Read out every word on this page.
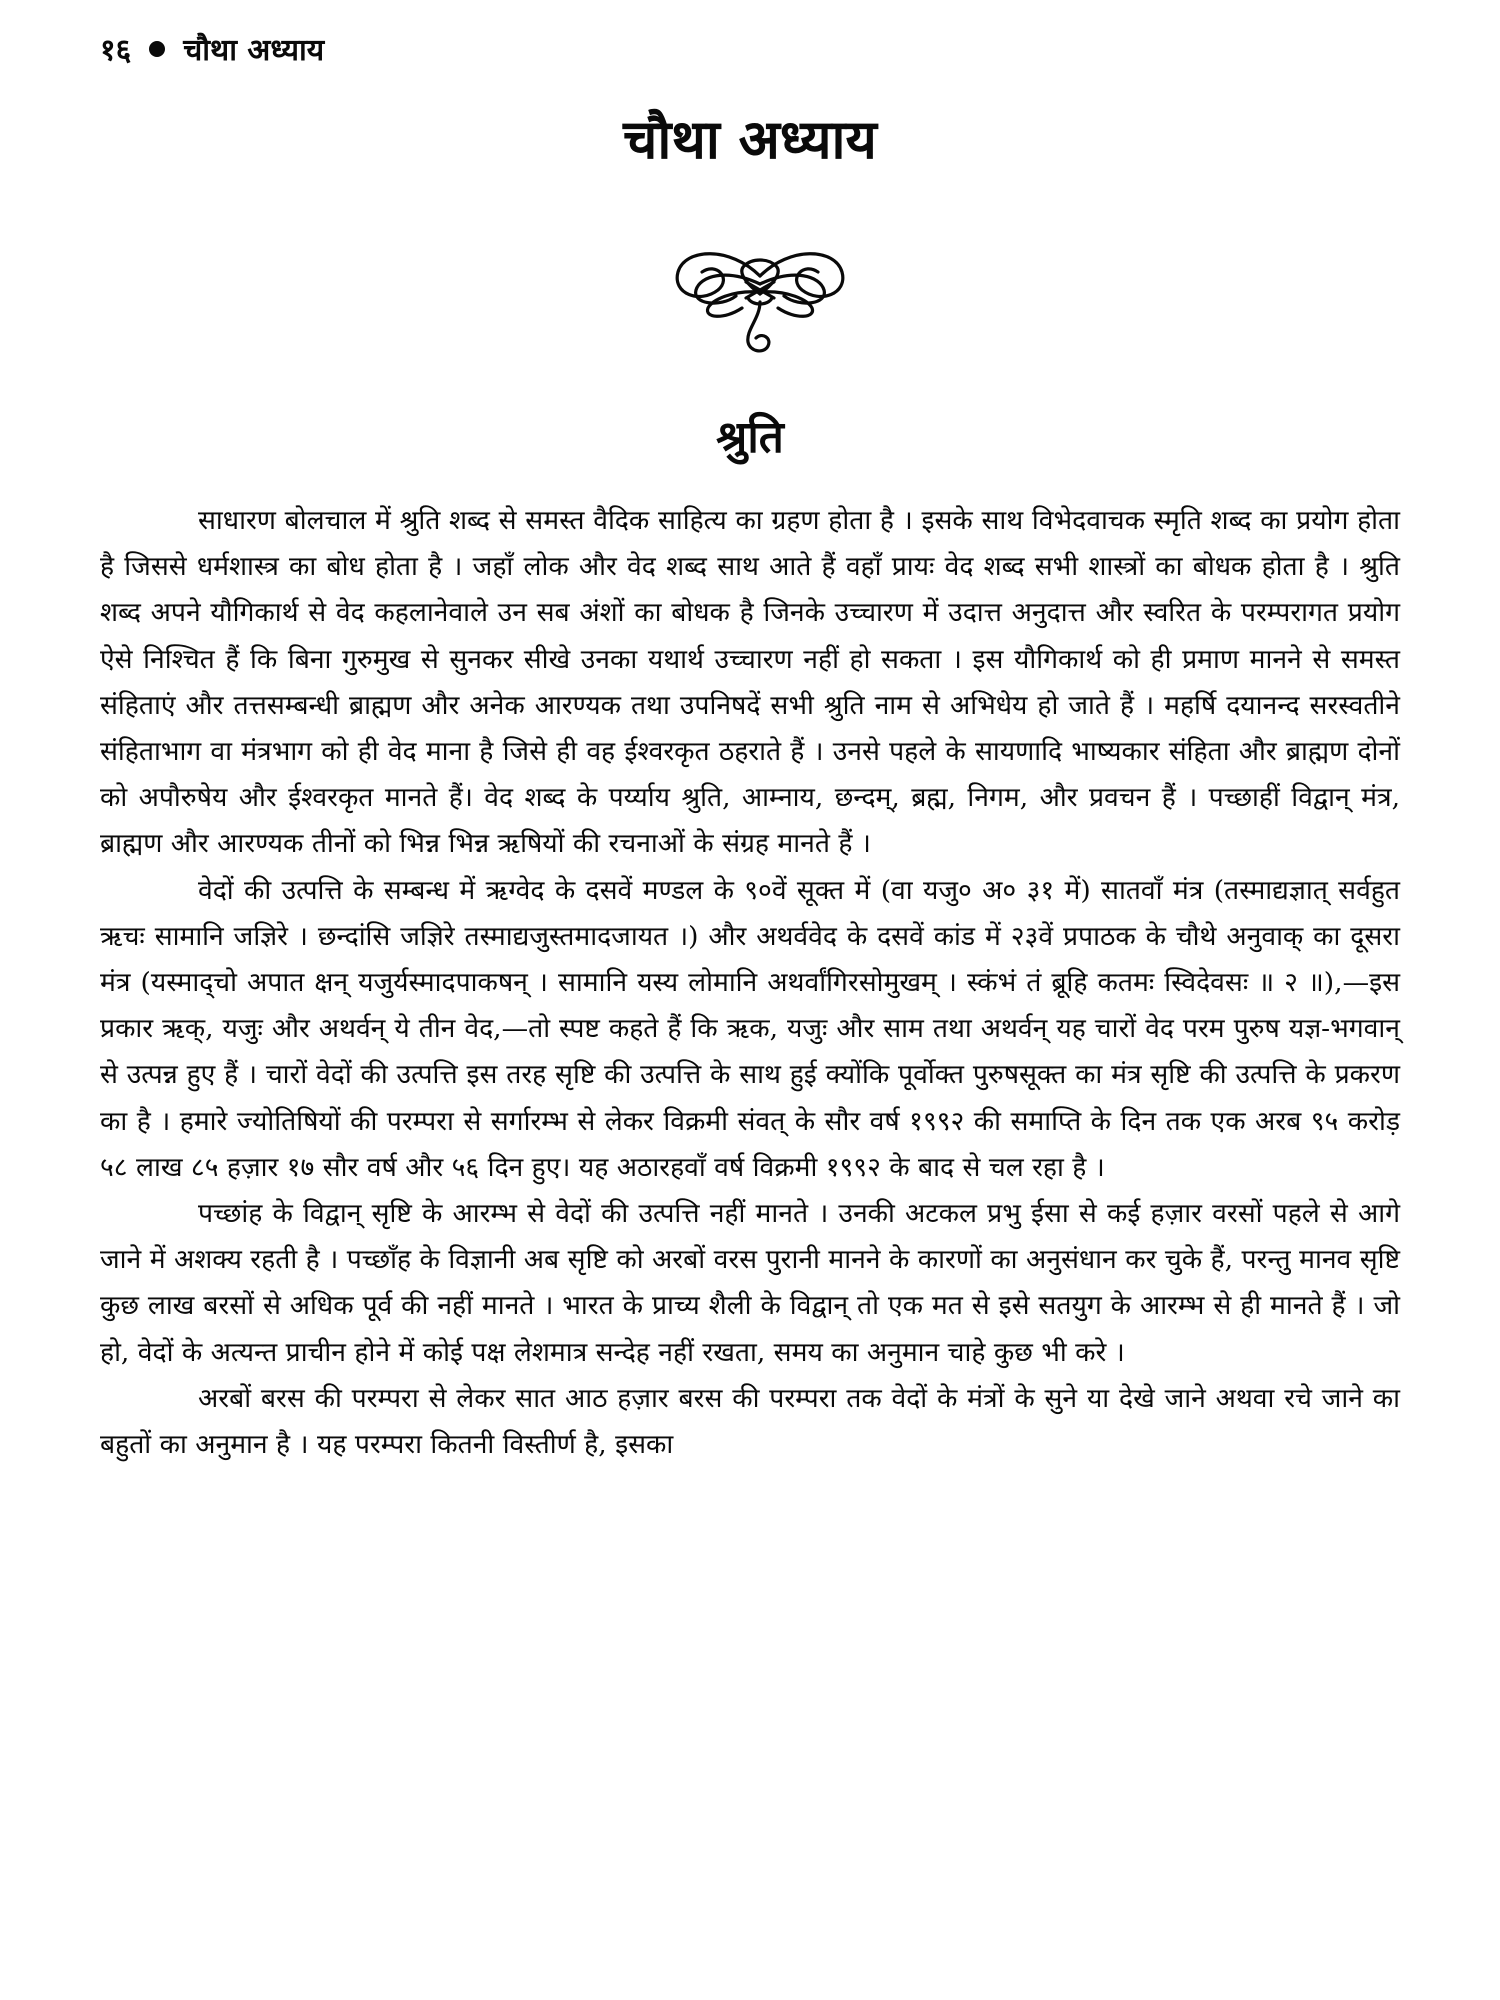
१६ चौथा अध्याय
चौथा अध्याय
श्रुति

साधारण बोलचाल में श्रुति शब्द से समस्त वैदिक साहित्य का ग्रहण होता है । इसके साथ विभेदवाचक स्मृति शब्द का प्रयोग होता है जिससे धर्मशास्त्र का बोध होता है । जहाँ लोक और वेद शब्द साथ आते हैं वहाँ प्रायः वेद शब्द सभी शास्त्रों का बोधक होता है । श्रुति शब्द अपने यौगिकार्थ से वेद कहलानेवाले उन सब अंशों का बोधक है जिनके उच्चारण में उदात्त अनुदात्त और स्वरित के परम्परागत प्रयोग ऐसे निश्चित हैं कि बिना गुरुमुख से सुनकर सीखे उनका यथार्थ उच्चारण नहीं हो सकता । इस यौगिकार्थ को ही प्रमाण मानने से समस्त संहिताएं और तत्तसम्बन्धी ब्राह्मण और अनेक आरण्यक तथा उपनिषदें सभी श्रुति नाम से अभिधेय हो जाते हैं । महर्षि दयानन्द सरस्वतीने संहिताभाग वा मंत्रभाग को ही वेद माना है जिसे ही वह ईश्वरकृत ठहराते हैं । उनसे पहले के सायणादि भाष्यकार संहिता और ब्राह्मण दोनों को अपौरुषेय और ईश्वरकृत मानते हैं। वेद शब्द के पर्य्याय श्रुति, आम्नाय, छन्दम्, ब्रह्म, निगम, और प्रवचन हैं । पच्छाहीं विद्वान् मंत्र, ब्राह्मण और आरण्यक तीनों को भिन्न भिन्न ऋषियों की रचनाओं के संग्रह मानते हैं ।

वेदों की उत्पत्ति के सम्बन्ध में ऋग्वेद के दसवें मण्डल के ९०वें सूक्त में (वा यजु० अ० ३१ में) सातवाँ मंत्र (तस्माद्यज्ञात् सर्वहुत ऋचः सामानि जज्ञिरे । छन्दांसि जज्ञिरे तस्माद्यजुस्तमादजायत ।) और अथर्ववेद के दसवें कांड में २३वें प्रपाठक के चौथे अनुवाक् का दूसरा मंत्र (यस्माद्चो अपात क्षन् यजुर्यस्मादपाकषन् । सामानि यस्य लोमानि अथर्वांगिरसोमुखम् । स्कंभं तं ब्रूहि कतमः स्विदेवसः ॥ २ ॥),—इस प्रकार ऋक्, यजुः और अथर्वन् ये तीन वेद,—तो स्पष्ट कहते हैं कि ऋक, यजुः और साम तथा अथर्वन् यह चारों वेद परम पुरुष यज्ञ-भगवान् से उत्पन्न हुए हैं । चारों वेदों की उत्पत्ति इस तरह सृष्टि की उत्पत्ति के साथ हुई क्योंकि पूर्वोक्त पुरुषसूक्त का मंत्र सृष्टि की उत्पत्ति के प्रकरण का है । हमारे ज्योतिषियों की परम्परा से सर्गारम्भ से लेकर विक्रमी संवत् के सौर वर्ष १९९२ की समाप्ति के दिन तक एक अरब ९५ करोड़ ५८ लाख ८५ हज़ार १७ सौर वर्ष और ५६ दिन हुए। यह अठारहवाँ वर्ष विक्रमी १९९२ के बाद से चल रहा है ।

पच्छांह के विद्वान् सृष्टि के आरम्भ से वेदों की उत्पत्ति नहीं मानते । उनकी अटकल प्रभु ईसा से कई हज़ार वरसों पहले से आगे जाने में अशक्य रहती है । पच्छाँह के विज्ञानी अब सृष्टि को अरबों वरस पुरानी मानने के कारणों का अनुसंधान कर चुके हैं, परन्तु मानव सृष्टि कुछ लाख बरसों से अधिक पूर्व की नहीं मानते । भारत के प्राच्य शैली के विद्वान् तो एक मत से इसे सतयुग के आरम्भ से ही मानते हैं । जो हो, वेदों के अत्यन्त प्राचीन होने में कोई पक्ष लेशमात्र सन्देह नहीं रखता, समय का अनुमान चाहे कुछ भी करे ।

अरबों बरस की परम्परा से लेकर सात आठ हज़ार बरस की परम्परा तक वेदों के मंत्रों के सुने या देखे जाने अथवा रचे जाने का बहुतों का अनुमान है । यह परम्परा कितनी विस्तीर्ण है, इसका
